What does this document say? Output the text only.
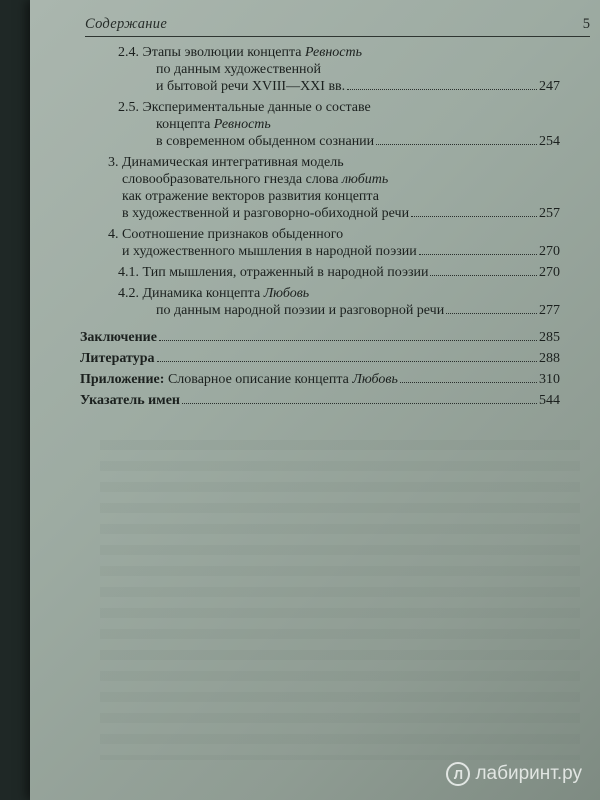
Содержание	5
2.4. Этапы эволюции концепта Ревность
по данным художественной
и бытовой речи XVIII—XXI вв.	247
2.5. Экспериментальные данные о составе
концепта Ревность
в современном обыденном сознании	254
3. Динамическая интегративная модель
словообразовательного гнезда слова любить
как отражение векторов развития концепта
в художественной и разговорно-обиходной речи	257
4. Соотношение признаков обыденного
и художественного мышления в народной поэзии	270
4.1. Тип мышления, отраженный в народной поэзии	270
4.2. Динамика концепта Любовь
по данным народной поэзии и разговорной речи	277
Заключение	285
Литература	288
Приложение: Словарное описание концепта Любовь	310
Указатель имен	544
Л лабиринт.ру
